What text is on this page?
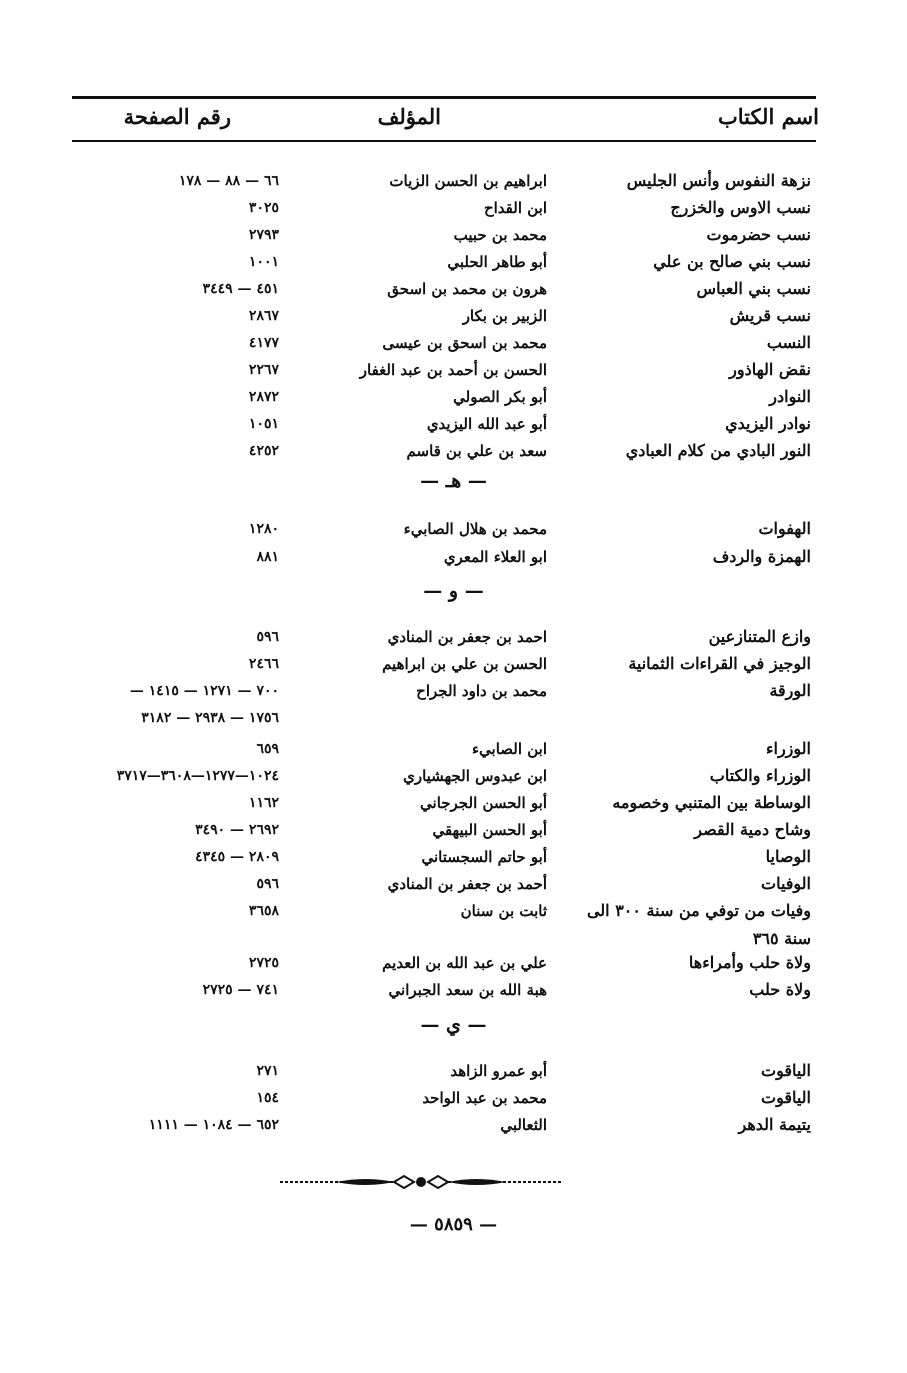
اسم الكتاب
المؤلف
رقم الصفحة
نزهة النفوس وأنس الجليس
ابراهيم بن الحسن الزيات
٦٦ — ٨٨ — ١٧٨
نسب الاوس والخزرج
ابن القداح
٣٠٢٥
نسب حضرموت
محمد بن حبيب
٢٧٩٣
نسب بني صالح بن علي
أبو طاهر الحلبي
١٠٠١
نسب بني العباس
هرون بن محمد بن اسحق
٤٥١ — ٣٤٤٩
نسب قريش
الزبير بن بكار
٢٨٦٧
النسب
محمد بن اسحق بن عيسى
٤١٧٧
نقض الهاذور
الحسن بن أحمد بن عبد الغفار
٢٢٦٧
النوادر
أبو بكر الصولي
٢٨٧٢
نوادر اليزيدي
أبو عبد الله اليزيدي
١٠٥١
النور البادي من كلام العبادي
سعد بن علي بن قاسم
٤٢٥٢
— هـ —
الهفوات
محمد بن هلال الصابيء
١٢٨٠
الهمزة والردف
ابو العلاء المعري
٨٨١
— و —
وازع المتنازعين
احمد بن جعفر بن المنادي
٥٩٦
الوجيز في القراءات الثمانية
الحسن بن علي بن ابراهيم
٢٤٦٦
الورقة
محمد بن داود الجراح
٧٠٠ — ١٢٧١ — ١٤١٥ —
١٧٥٦ — ٢٩٣٨ — ٣١٨٢
الوزراء
ابن الصابيء
٦٥٩
الوزراء والكتاب
ابن عبدوس الجهشياري
١٠٢٤—١٢٧٧—٣٦٠٨—٣٧١٧
الوساطة بين المتنبي وخصومه
أبو الحسن الجرجاني
١١٦٢
وشاح دمية القصر
أبو الحسن البيهقي
٢٦٩٢ — ٣٤٩٠
الوصايا
أبو حاتم السجستاني
٢٨٠٩ — ٤٣٤٥
الوفيات
أحمد بن جعفر بن المنادي
٥٩٦
وفيات من توفي من سنة ٣٠٠ الى
ثابت بن سنان
٣٦٥٨
سنة ٣٦٥
ولاة حلب وأمراءها
علي بن عبد الله بن العديم
٢٧٢٥
ولاة حلب
هبة الله بن سعد الجبراني
٧٤١ — ٢٧٢٥
— ي —
الياقوت
أبو عمرو الزاهد
٢٧١
الياقوت
محمد بن عبد الواحد
١٥٤
يتيمة الدهر
الثعالبي
٦٥٢ — ١٠٨٤ — ١١١١
— ٥٨٥٩ —
